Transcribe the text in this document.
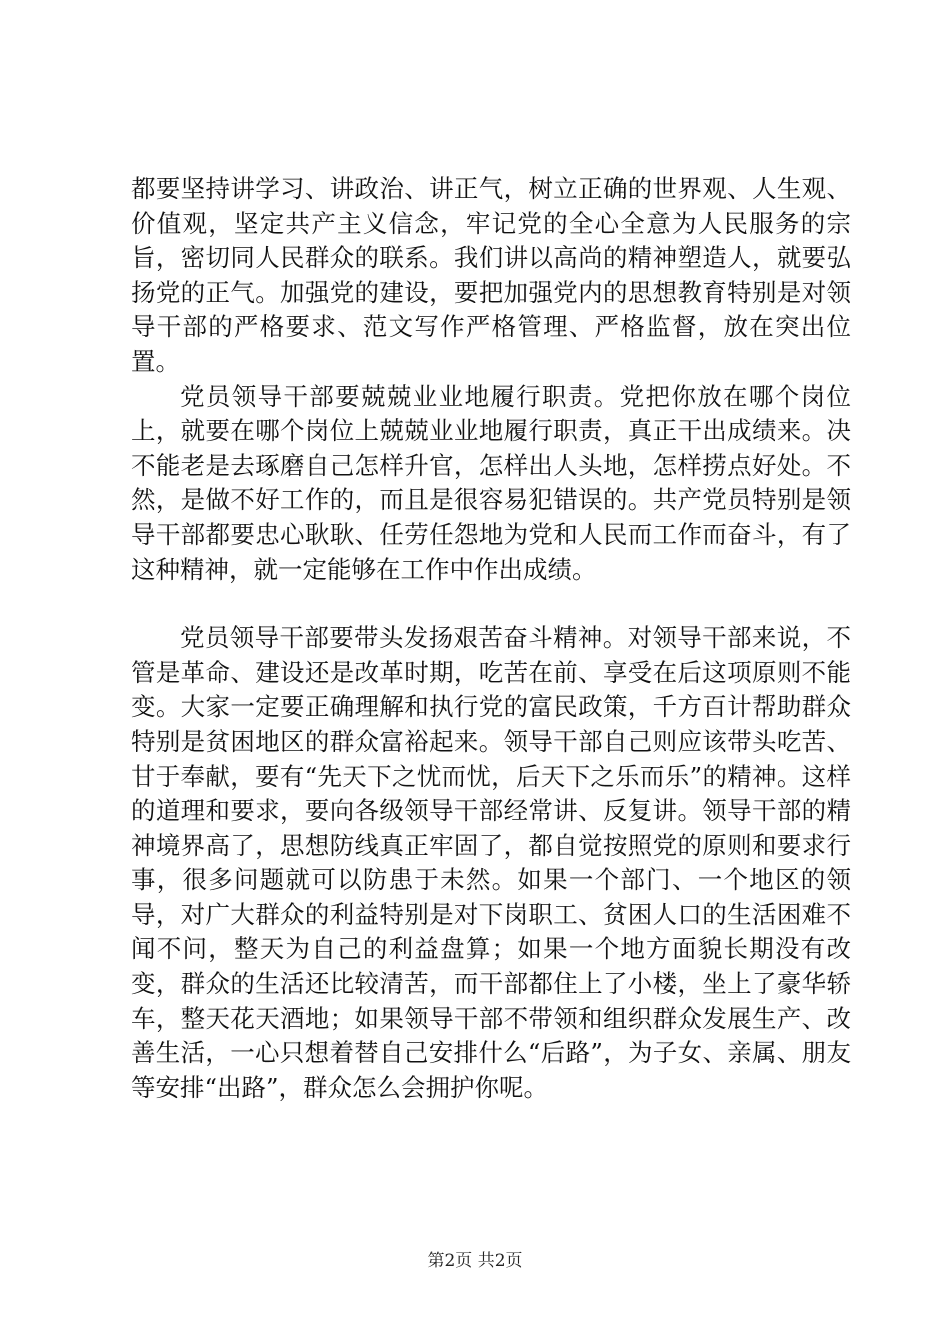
都要坚持讲学习、讲政治、讲正气，树立正确的世界观、人生观、价值观，坚定共产主义信念，牢记党的全心全意为人民服务的宗旨，密切同人民群众的联系。我们讲以高尚的精神塑造人，就要弘扬党的正气。加强党的建设，要把加强党内的思想教育特别是对领导干部的严格要求、范文写作严格管理、严格监督，放在突出位置。

党员领导干部要兢兢业业地履行职责。党把你放在哪个岗位上，就要在哪个岗位上兢兢业业地履行职责，真正干出成绩来。决不能老是去琢磨自己怎样升官，怎样出人头地，怎样捞点好处。不然，是做不好工作的，而且是很容易犯错误的。共产党员特别是领导干部都要忠心耿耿、任劳任怨地为党和人民而工作而奋斗，有了这种精神，就一定能够在工作中作出成绩。

党员领导干部要带头发扬艰苦奋斗精神。对领导干部来说，不管是革命、建设还是改革时期，吃苦在前、享受在后这项原则不能变。大家一定要正确理解和执行党的富民政策，千方百计帮助群众特别是贫困地区的群众富裕起来。领导干部自己则应该带头吃苦、甘于奉献，要有“先天下之忧而忧，后天下之乐而乐”的精神。这样的道理和要求，要向各级领导干部经常讲、反复讲。领导干部的精神境界高了，思想防线真正牢固了，都自觉按照党的原则和要求行事，很多问题就可以防患于未然。如果一个部门、一个地区的领导，对广大群众的利益特别是对下岗职工、贫困人口的生活困难不闻不问，整天为自己的利益盘算；如果一个地方面貌长期没有改变，群众的生活还比较清苦，而干部都住上了小楼，坐上了豪华轿车，整天花天酒地；如果领导干部不带领和组织群众发展生产、改善生活，一心只想着替自己安排什么“后路”，为子女、亲属、朋友等安排“出路”，群众怎么会拥护你呢。

第2页 共2页
